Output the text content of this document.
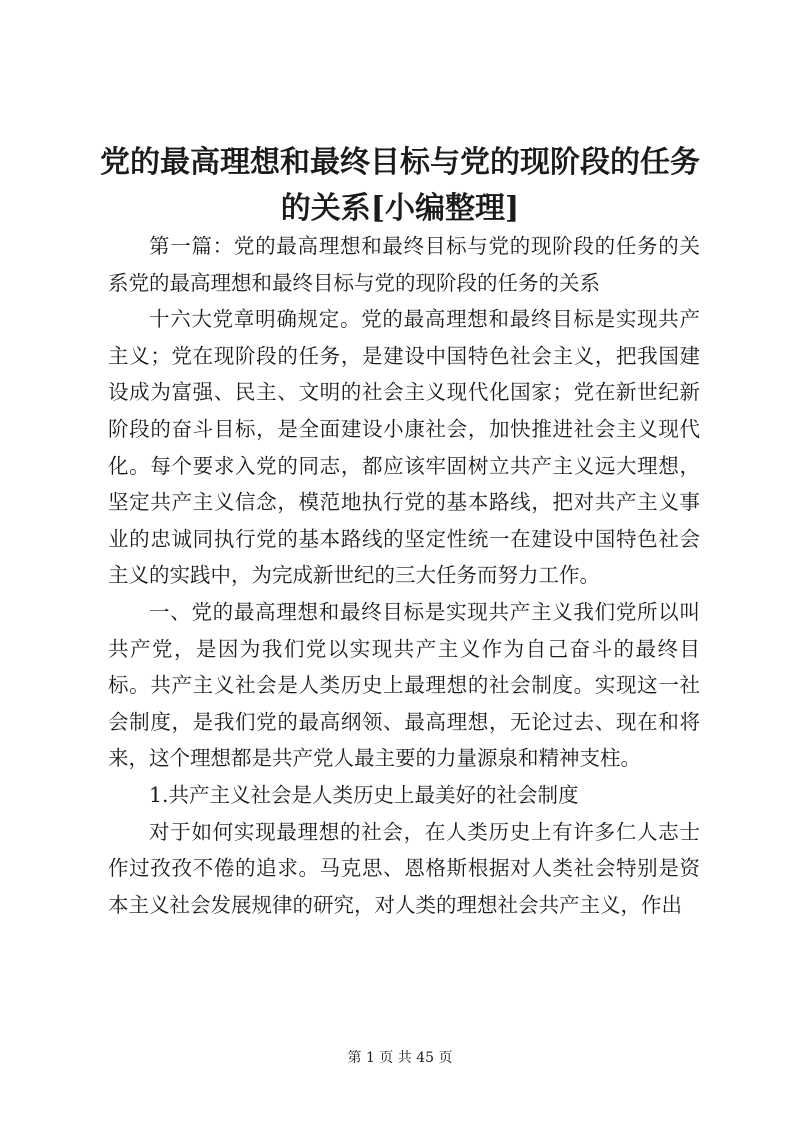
党的最高理想和最终目标与党的现阶段的任务的关系[小编整理]

第一篇：党的最高理想和最终目标与党的现阶段的任务的关系党的最高理想和最终目标与党的现阶段的任务的关系

十六大党章明确规定。党的最高理想和最终目标是实现共产主义；党在现阶段的任务，是建设中国特色社会主义，把我国建设成为富强、民主、文明的社会主义现代化国家；党在新世纪新阶段的奋斗目标，是全面建设小康社会，加快推进社会主义现代化。每个要求入党的同志，都应该牢固树立共产主义远大理想，坚定共产主义信念，模范地执行党的基本路线，把对共产主义事业的忠诚同执行党的基本路线的坚定性统一在建设中国特色社会主义的实践中，为完成新世纪的三大任务而努力工作。

一、党的最高理想和最终目标是实现共产主义我们党所以叫共产党，是因为我们党以实现共产主义作为自己奋斗的最终目标。共产主义社会是人类历史上最理想的社会制度。实现这一社会制度，是我们党的最高纲领、最高理想，无论过去、现在和将来，这个理想都是共产党人最主要的力量源泉和精神支柱。

1.共产主义社会是人类历史上最美好的社会制度

对于如何实现最理想的社会，在人类历史上有许多仁人志士作过孜孜不倦的追求。马克思、恩格斯根据对人类社会特别是资本主义社会发展规律的研究，对人类的理想社会共产主义，作出

第 1 页 共 45 页
